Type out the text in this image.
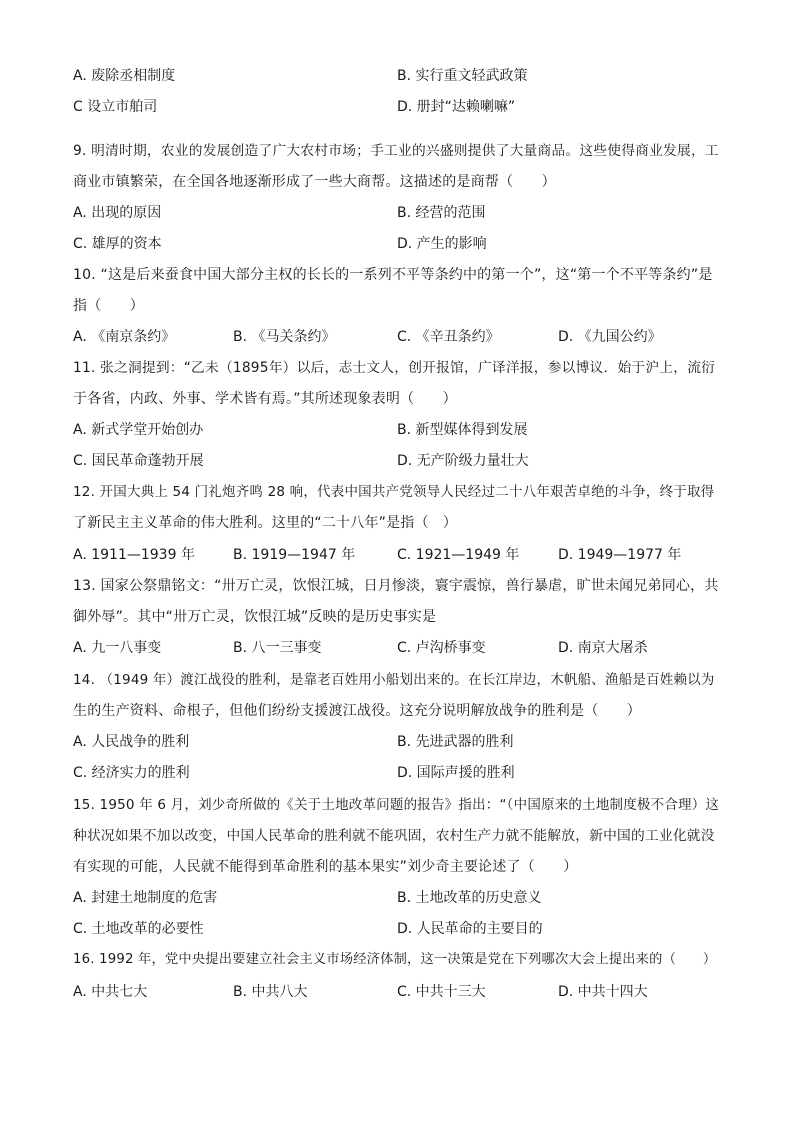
A. 废除丞相制度	B. 实行重文轻武政策
C 设立市舶司	D. 册封“达赖喇嘛”
9. 明清时期，农业的发展创造了广大农村市场；手工业的兴盛则提供了大量商品。这些使得商业发展，工
商业市镇繁荣，在全国各地逐渐形成了一些大商帮。这描述的是商帮（　　）
A. 出现的原因	B. 经营的范围
C. 雄厚的资本	D. 产生的影响
10. “这是后来蚕食中国大部分主权的长长的一系列不平等条约中的第一个”，这“第一个不平等条约”是
指（　　）
A. 《南京条约》	B. 《马关条约》	C. 《辛丑条约》	D. 《九国公约》
11. 张之洞提到：“乙未（1895年）以后，志士文人，创开报馆，广译洋报，参以博议．始于沪上，流衍
于各省，内政、外事、学术皆有焉。”其所述现象表明（　　）
A. 新式学堂开始创办	B. 新型媒体得到发展
C. 国民革命蓬勃开展	D. 无产阶级力量壮大
12. 开国大典上 54 门礼炮齐鸣 28 响，代表中国共产党领导人民经过二十八年艰苦卓绝的斗争，终于取得
了新民主主义革命的伟大胜利。这里的“二十八年”是指（　）
A. 1911—1939 年	B. 1919—1947 年	C. 1921—1949 年	D. 1949—1977 年
13. 国家公祭鼎铭文：“卅万亡灵，饮恨江城，日月惨淡，寰宇震惊，兽行暴虐，旷世未闻兄弟同心，共
御外辱”。其中“卅万亡灵，饮恨江城”反映的是历史事实是
A. 九一八事变	B. 八一三事变	C. 卢沟桥事变	D. 南京大屠杀
14. （1949 年）渡江战役的胜利，是靠老百姓用小船划出来的。在长江岸边，木帆船、渔船是百姓赖以为
生的生产资料、命根子，但他们纷纷支援渡江战役。这充分说明解放战争的胜利是（　　）
A. 人民战争的胜利	B. 先进武器的胜利
C. 经济实力的胜利	D. 国际声援的胜利
15. 1950 年 6 月，刘少奇所做的《关于土地改革问题的报告》指出：“（中国原来的土地制度极不合理）这
种状况如果不加以改变，中国人民革命的胜利就不能巩固，农村生产力就不能解放，新中国的工业化就没
有实现的可能，人民就不能得到革命胜利的基本果实”刘少奇主要论述了（　　）
A. 封建土地制度的危害	B. 土地改革的历史意义
C. 土地改革的必要性	D. 人民革命的主要目的
16. 1992 年，党中央提出要建立社会主义市场经济体制，这一决策是党在下列哪次大会上提出来的（　　）
A. 中共七大	B. 中共八大	C. 中共十三大	D. 中共十四大
